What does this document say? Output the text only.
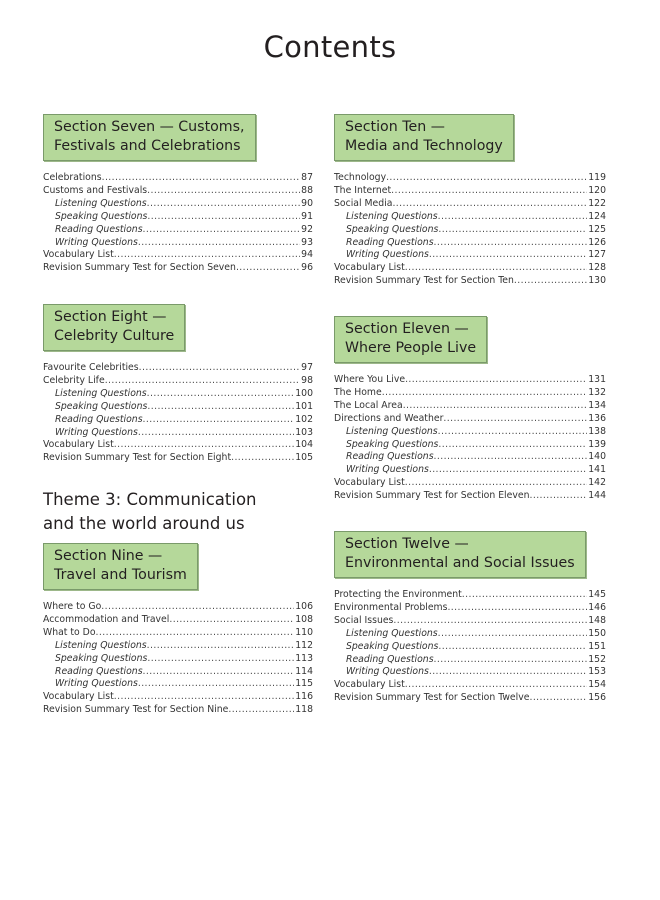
Contents
Section Seven — Customs,
Festivals and Celebrations
Celebrations .....	87
Customs and Festivals .....	88
Listening Questions .....	90
Speaking Questions .....	91
Reading Questions .....	92
Writing Questions .....	93
Vocabulary List .....	94
Revision Summary Test for Section Seven .....	96
Section Eight —
Celebrity Culture
Favourite Celebrities .....	97
Celebrity Life .....	98
Listening Questions .....	100
Speaking Questions .....	101
Reading Questions .....	102
Writing Questions .....	103
Vocabulary List .....	104
Revision Summary Test for Section Eight .....	105
Theme 3: Communication
and the world around us
Section Nine —
Travel and Tourism
Where to Go .....	106
Accommodation and Travel .....	108
What to Do .....	110
Listening Questions .....	112
Speaking Questions .....	113
Reading Questions .....	114
Writing Questions .....	115
Vocabulary List .....	116
Revision Summary Test for Section Nine .....	118
Section Ten —
Media and Technology
Technology .....	119
The Internet .....	120
Social Media .....	122
Listening Questions .....	124
Speaking Questions .....	125
Reading Questions .....	126
Writing Questions .....	127
Vocabulary List .....	128
Revision Summary Test for Section Ten .....	130
Section Eleven —
Where People Live
Where You Live .....	131
The Home .....	132
The Local Area .....	134
Directions and Weather .....	136
Listening Questions .....	138
Speaking Questions .....	139
Reading Questions .....	140
Writing Questions .....	141
Vocabulary List .....	142
Revision Summary Test for Section Eleven .....	144
Section Twelve —
Environmental and Social Issues
Protecting the Environment .....	145
Environmental Problems .....	146
Social Issues .....	148
Listening Questions .....	150
Speaking Questions .....	151
Reading Questions .....	152
Writing Questions .....	153
Vocabulary List .....	154
Revision Summary Test for Section Twelve .....	156
